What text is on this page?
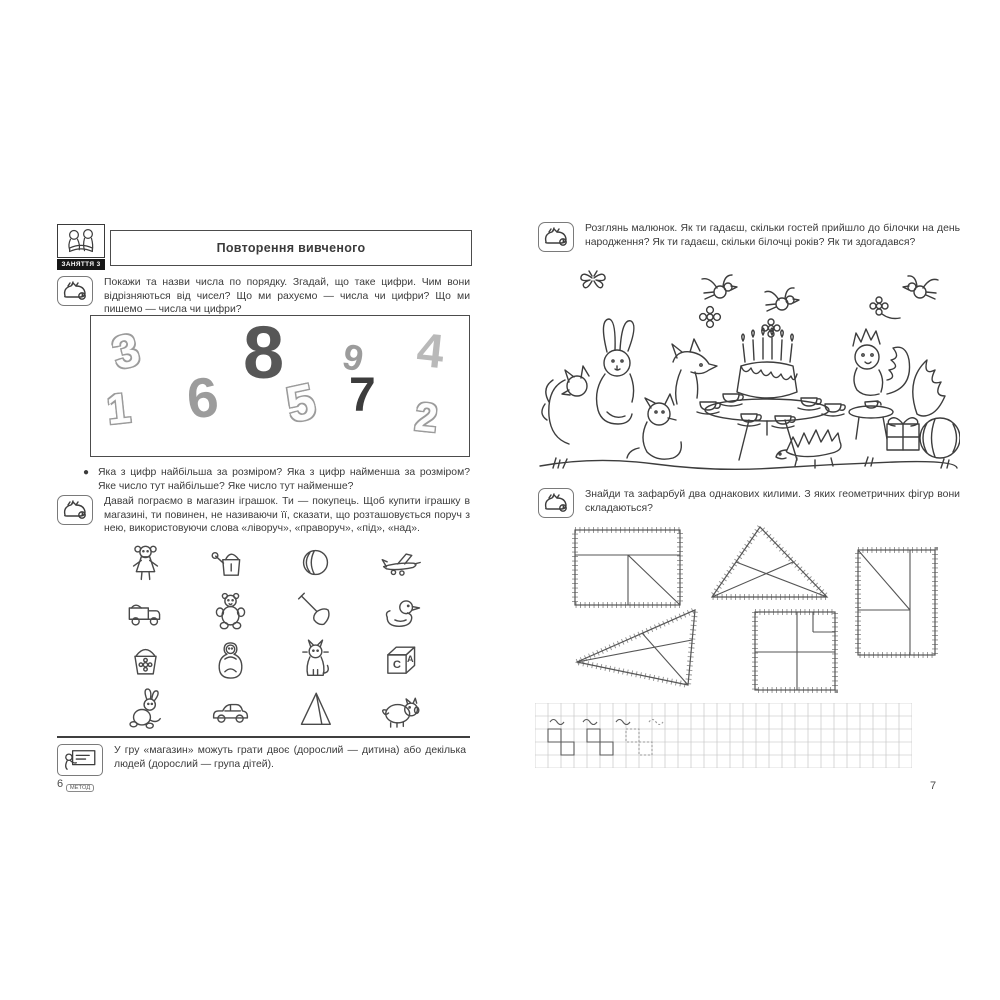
ЗАНЯТТЯ 3
Повторення вивченого
Покажи та назви числа по порядку. Згадай, що таке цифри. Чим вони відрізняються від чисел? Що ми рахуємо — числа чи цифри? Що ми пишемо — числа чи цифри?
3 8 9 4
1 6 5 7 2
● Яка з цифр найбільша за розміром? Яка з цифр найменша за розміром? Яке число тут найбільше? Яке число тут найменше?
Давай пограємо в магазин іграшок. Ти — покупець. Щоб купити іграшку в магазині, ти повинен, не називаючи її, сказати, що розташовується поруч з нею, використовуючи слова «ліворуч», «праворуч», «під», «над».
С
А
МЕТОД
У гру «магазин» можуть грати двоє (дорослий — дитина) або декілька людей (дорослий — група дітей).
6
Розглянь малюнок. Як ти гадаєш, скільки гостей прийшло до білочки на день народження? Як ти гадаєш, скільки білочці років? Як ти здогадався?
Знайди та зафарбуй два однакових килими. З яких геометричних фігур вони складаються?
7
